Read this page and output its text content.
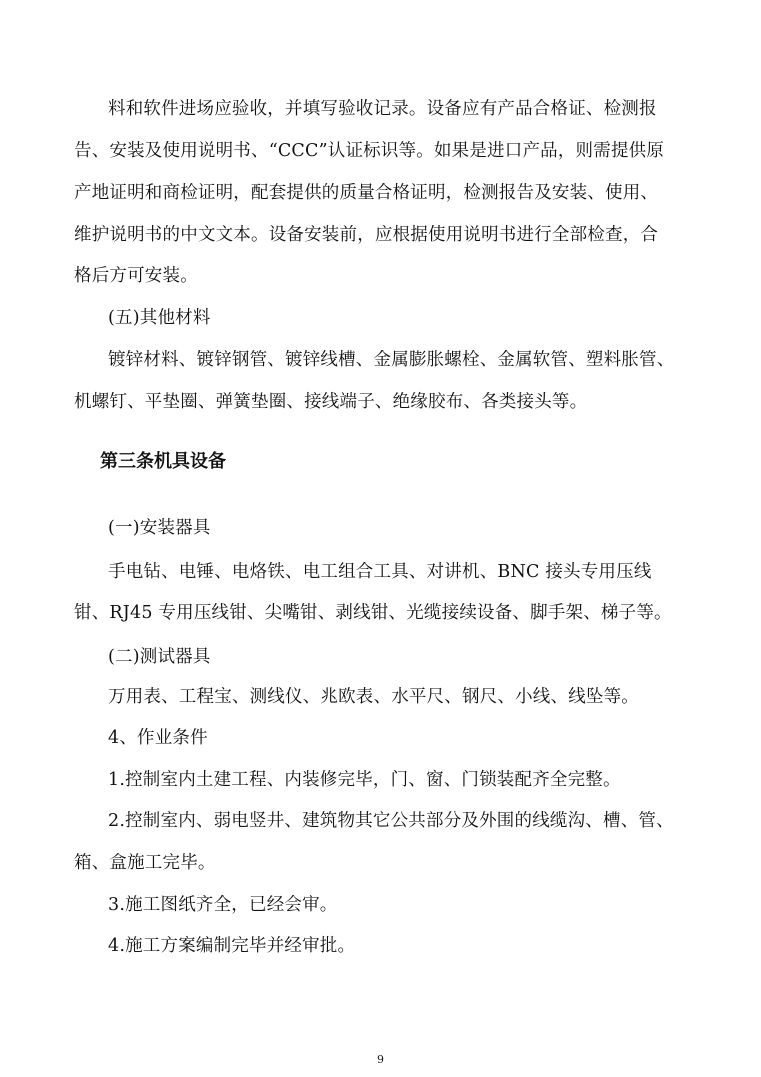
料和软件进场应验收，并填写验收记录。设备应有产品合格证、检测报
告、安装及使用说明书、“CCC”认证标识等。如果是进口产品，则需提供原
产地证明和商检证明，配套提供的质量合格证明，检测报告及安装、使用、
维护说明书的中文文本。设备安装前，应根据使用说明书进行全部检查，合
格后方可安装。
(五)其他材料
镀锌材料、镀锌钢管、镀锌线槽、金属膨胀螺栓、金属软管、塑料胀管、
机螺钉、平垫圈、弹簧垫圈、接线端子、绝缘胶布、各类接头等。
第三条机具设备
(一)安装器具
手电钻、电锤、电烙铁、电工组合工具、对讲机、BNC 接头专用压线
钳、RJ45 专用压线钳、尖嘴钳、剥线钳、光缆接续设备、脚手架、梯子等。
(二)测试器具
万用表、工程宝、测线仪、兆欧表、水平尺、钢尺、小线、线坠等。
4、作业条件
1.控制室内土建工程、内装修完毕，门、窗、门锁装配齐全完整。
2.控制室内、弱电竖井、建筑物其它公共部分及外围的线缆沟、槽、管、
箱、盒施工完毕。
3.施工图纸齐全，已经会审。
4.施工方案编制完毕并经审批。
9
